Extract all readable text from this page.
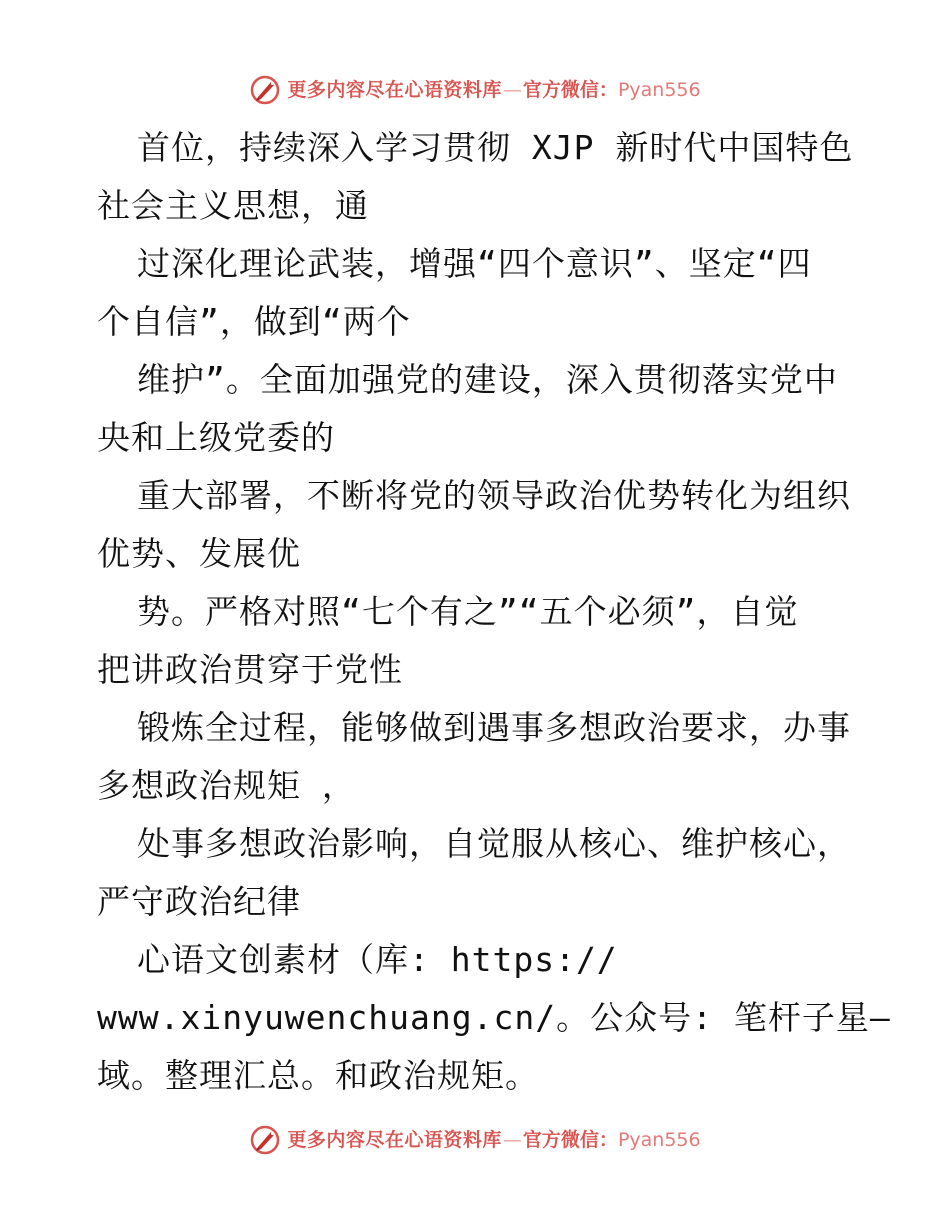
更多内容尽在心语资料库 — 官方微信： Pyan556
首位，持续深入学习贯彻 XJP 新时代中国特色
社会主义思想，通
过深化理论武装，增强“四个意识”、坚定“四
个自信”，做到“两个
维护”。全面加强党的建设，深入贯彻落实党中
央和上级党委的
重大部署，不断将党的领导政治优势转化为组织
优势、发展优
势。严格对照“七个有之”“五个必须”，自觉
把讲政治贯穿于党性
锻炼全过程，能够做到遇事多想政治要求，办事
多想政治规矩 ，
处事多想政治影响，自觉服从核心、维护核心，
严守政治纪律
心语文创素材（库: https://
www.xinyuwenchuang.cn/。公众号: 笔杆子星—
域。整理汇总。和政治规矩。
更多内容尽在心语资料库 — 官方微信： Pyan556
